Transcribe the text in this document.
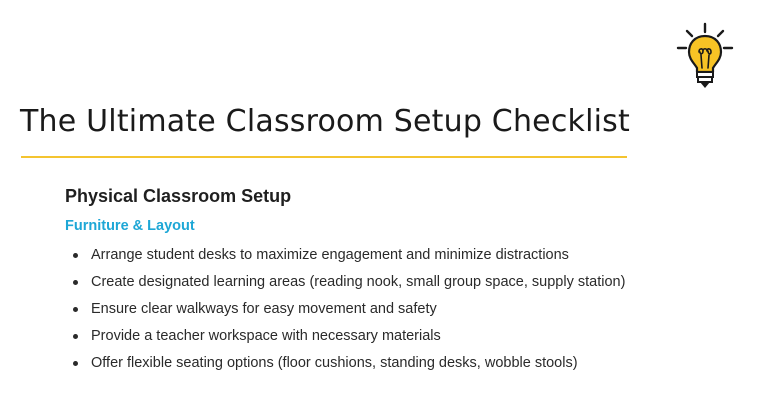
The Ultimate Classroom Setup Checklist
Physical Classroom Setup
Furniture & Layout
Arrange student desks to maximize engagement and minimize distractions
Create designated learning areas (reading nook, small group space, supply station)
Ensure clear walkways for easy movement and safety
Provide a teacher workspace with necessary materials
Offer flexible seating options (floor cushions, standing desks, wobble stools)
